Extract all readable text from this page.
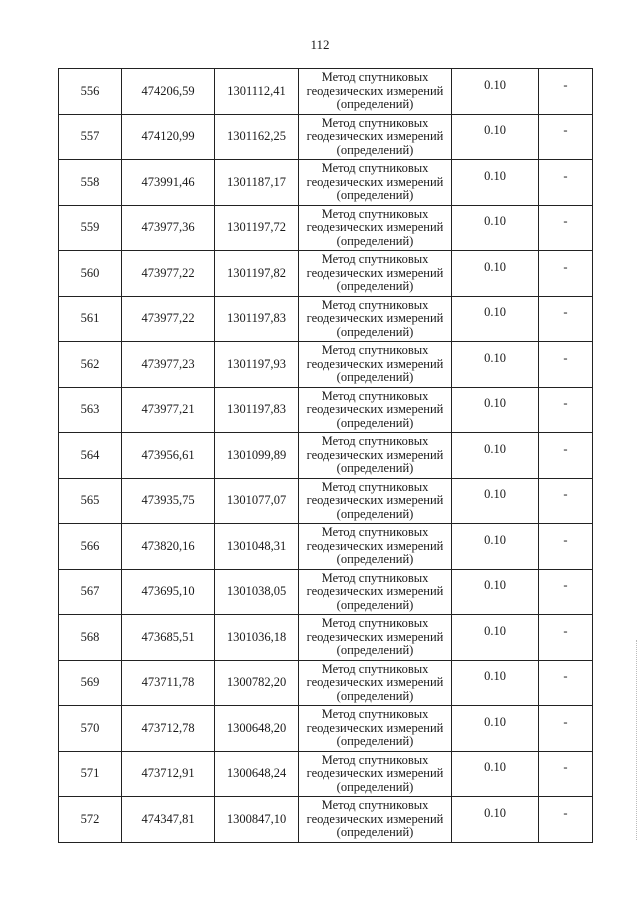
112
556	474206,59	1301112,41	Метод спутниковых
геодезических измерений
(определений)	0.10	-
557	474120,99	1301162,25	Метод спутниковых
геодезических измерений
(определений)	0.10	-
558	473991,46	1301187,17	Метод спутниковых
геодезических измерений
(определений)	0.10	-
559	473977,36	1301197,72	Метод спутниковых
геодезических измерений
(определений)	0.10	-
560	473977,22	1301197,82	Метод спутниковых
геодезических измерений
(определений)	0.10	-
561	473977,22	1301197,83	Метод спутниковых
геодезических измерений
(определений)	0.10	-
562	473977,23	1301197,93	Метод спутниковых
геодезических измерений
(определений)	0.10	-
563	473977,21	1301197,83	Метод спутниковых
геодезических измерений
(определений)	0.10	-
564	473956,61	1301099,89	Метод спутниковых
геодезических измерений
(определений)	0.10	-
565	473935,75	1301077,07	Метод спутниковых
геодезических измерений
(определений)	0.10	-
566	473820,16	1301048,31	Метод спутниковых
геодезических измерений
(определений)	0.10	-
567	473695,10	1301038,05	Метод спутниковых
геодезических измерений
(определений)	0.10	-
568	473685,51	1301036,18	Метод спутниковых
геодезических измерений
(определений)	0.10	-
569	473711,78	1300782,20	Метод спутниковых
геодезических измерений
(определений)	0.10	-
570	473712,78	1300648,20	Метод спутниковых
геодезических измерений
(определений)	0.10	-
571	473712,91	1300648,24	Метод спутниковых
геодезических измерений
(определений)	0.10	-
572	474347,81	1300847,10	Метод спутниковых
геодезических измерений
(определений)	0.10	-
